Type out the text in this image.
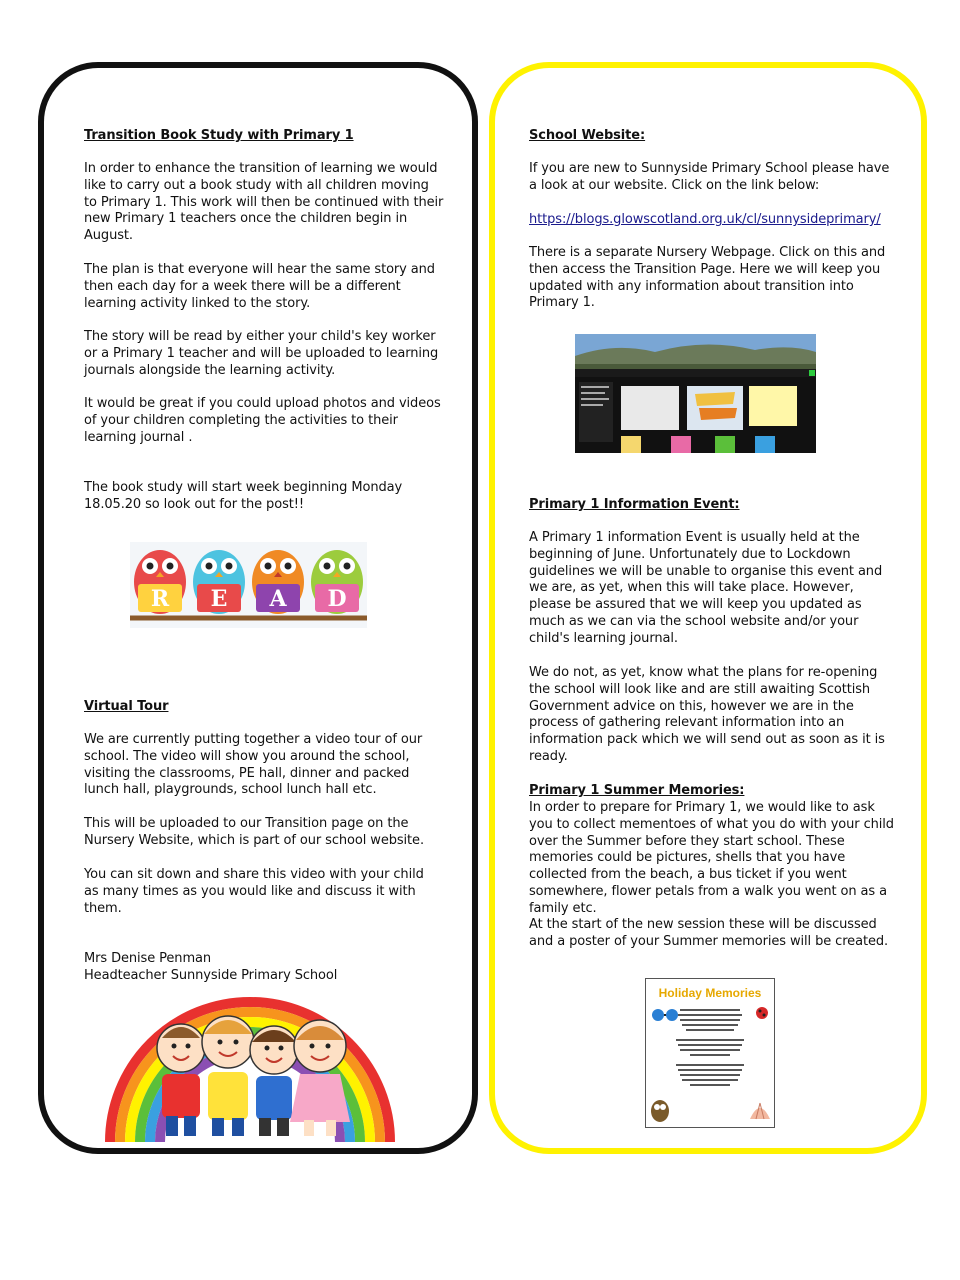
Transition Book Study with Primary 1

In order to enhance the transition of learning we would like to carry out a book study with all children moving to Primary 1. This work will then be continued with their new Primary 1 teachers once the children begin in August.

The plan is that everyone will hear the same story and then each day for a week there will be a different learning activity linked to the story.

The story will be read by either your child's key worker or a Primary 1 teacher and will be uploaded to learning journals alongside the learning activity.

It would be great if you could upload photos and videos of your children completing the activities to their learning journal .

The book study will start week beginning Monday 18.05.20 so look out for the post!!

R E A D

Virtual Tour

We are currently putting together a video tour of our school. The video will show you around the school, visiting the classrooms, PE hall, dinner and packed lunch hall, playgrounds, school lunch hall etc.

This will be uploaded to our Transition page on the Nursery Website, which is part of our school website.

You can sit down and share this video with your child as many times as you would like and discuss it with them.

Mrs Denise Penman

Headteacher Sunnyside Primary School

School Website:

If you are new to Sunnyside Primary School please have a look at our website. Click on the link below:

https://blogs.glowscotland.org.uk/cl/sunnysideprimary/

There is a separate Nursery Webpage. Click on this and then access the Transition Page. Here we will keep you updated with any information about transition into Primary 1.

Primary 1 Information Event:

A Primary 1 information Event is usually held at the beginning of June. Unfortunately due to Lockdown guidelines we will be unable to organise this event and we are, as yet, when this will take place. However, please be assured that we will keep you updated as much as we can via the school website and/or your child's learning journal.

We do not, as yet, know what the plans for re-opening the school will look like and are still awaiting Scottish Government advice on this, however we are in the process of gathering relevant information into an information pack which we will send out as soon as it is ready.

Primary 1 Summer Memories:

In order to prepare for Primary 1, we would like to ask you to collect mementoes of what you do with your child over the Summer before they start school. These memories could be pictures, shells that you have collected from the beach, a bus ticket if you went somewhere, flower petals from a walk you went on as a family etc.

At the start of the new session these will be discussed and a poster of your Summer memories will be created.

Holiday Memories
